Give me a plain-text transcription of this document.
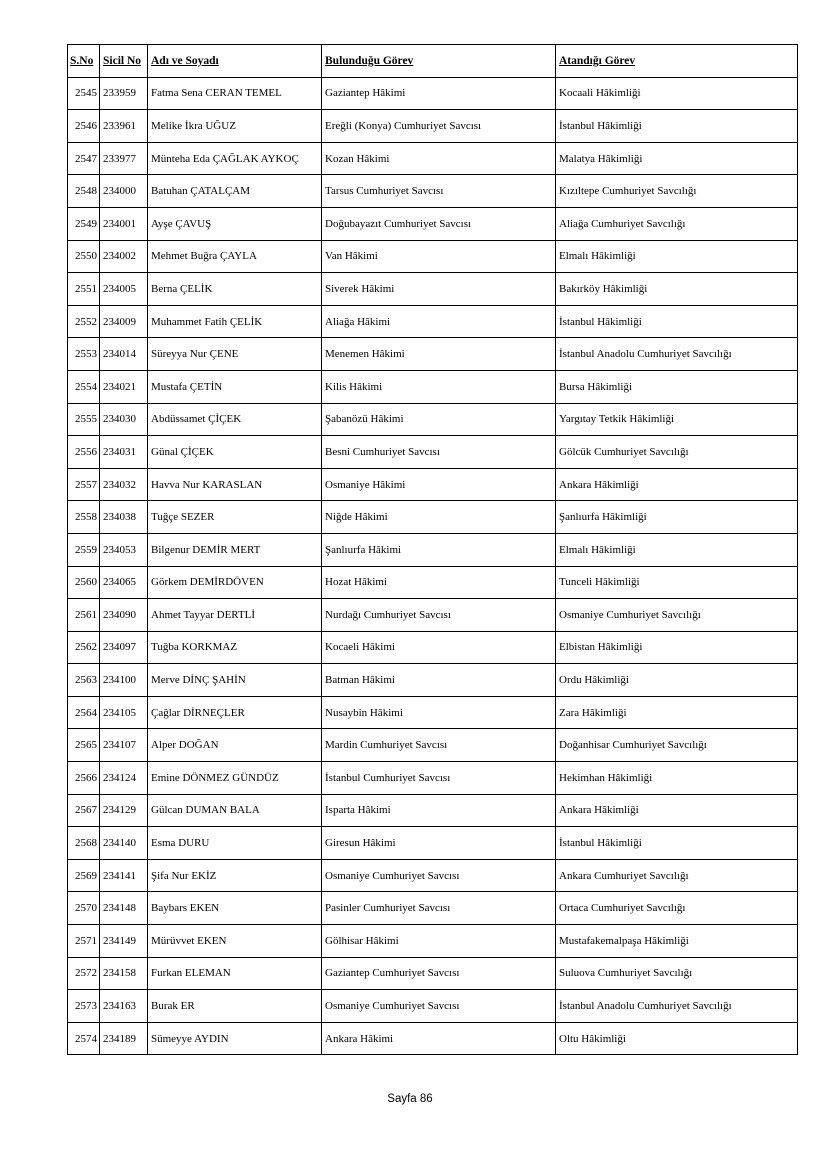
S.No	Sicil No	Adı ve Soyadı	Bulunduğu Görev	Atandığı Görev
2545	233959	Fatma Sena CERAN TEMEL	Gaziantep Hâkimi	Kocaali Hâkimliği
2546	233961	Melike İkra UĞUZ	Ereğli (Konya) Cumhuriyet Savcısı	İstanbul Hâkimliği
2547	233977	Münteha Eda ÇAĞLAK AYKOÇ	Kozan Hâkimi	Malatya Hâkimliği
2548	234000	Batuhan ÇATALÇAM	Tarsus Cumhuriyet Savcısı	Kızıltepe Cumhuriyet Savcılığı
2549	234001	Ayşe ÇAVUŞ	Doğubayazıt Cumhuriyet Savcısı	Aliağa Cumhuriyet Savcılığı
2550	234002	Mehmet Buğra ÇAYLA	Van Hâkimi	Elmalı Hâkimliği
2551	234005	Berna ÇELİK	Siverek Hâkimi	Bakırköy Hâkimliği
2552	234009	Muhammet Fatih ÇELİK	Aliağa Hâkimi	İstanbul Hâkimliği
2553	234014	Süreyya Nur ÇENE	Menemen Hâkimi	İstanbul Anadolu Cumhuriyet Savcılığı
2554	234021	Mustafa ÇETİN	Kilis Hâkimi	Bursa Hâkimliği
2555	234030	Abdüssamet ÇİÇEK	Şabanözü Hâkimi	Yargıtay Tetkik Hâkimliği
2556	234031	Günal ÇİÇEK	Besni Cumhuriyet Savcısı	Gölcük Cumhuriyet Savcılığı
2557	234032	Havva Nur KARASLAN	Osmaniye Hâkimi	Ankara Hâkimliği
2558	234038	Tuğçe SEZER	Niğde Hâkimi	Şanlıurfa Hâkimliği
2559	234053	Bilgenur DEMİR MERT	Şanlıurfa Hâkimi	Elmalı Hâkimliği
2560	234065	Görkem DEMİRDÖVEN	Hozat Hâkimi	Tunceli Hâkimliği
2561	234090	Ahmet Tayyar DERTLİ	Nurdağı Cumhuriyet Savcısı	Osmaniye Cumhuriyet Savcılığı
2562	234097	Tuğba KORKMAZ	Kocaeli Hâkimi	Elbistan Hâkimliği
2563	234100	Merve DİNÇ ŞAHİN	Batman Hâkimi	Ordu Hâkimliği
2564	234105	Çağlar DİRNEÇLER	Nusaybin Hâkimi	Zara Hâkimliği
2565	234107	Alper DOĞAN	Mardin Cumhuriyet Savcısı	Doğanhisar Cumhuriyet Savcılığı
2566	234124	Emine DÖNMEZ GÜNDÜZ	İstanbul Cumhuriyet Savcısı	Hekimhan Hâkimliği
2567	234129	Gülcan DUMAN BALA	Isparta Hâkimi	Ankara Hâkimliği
2568	234140	Esma DURU	Giresun Hâkimi	İstanbul Hâkimliği
2569	234141	Şifa Nur EKİZ	Osmaniye Cumhuriyet Savcısı	Ankara Cumhuriyet Savcılığı
2570	234148	Baybars EKEN	Pasinler Cumhuriyet Savcısı	Ortaca Cumhuriyet Savcılığı
2571	234149	Mürüvvet EKEN	Gölhisar Hâkimi	Mustafakemalpaşa Hâkimliği
2572	234158	Furkan ELEMAN	Gaziantep Cumhuriyet Savcısı	Suluova Cumhuriyet Savcılığı
2573	234163	Burak ER	Osmaniye Cumhuriyet Savcısı	İstanbul Anadolu Cumhuriyet Savcılığı
2574	234189	Sümeyye AYDIN	Ankara Hâkimi	Oltu Hâkimliği
Sayfa 86
